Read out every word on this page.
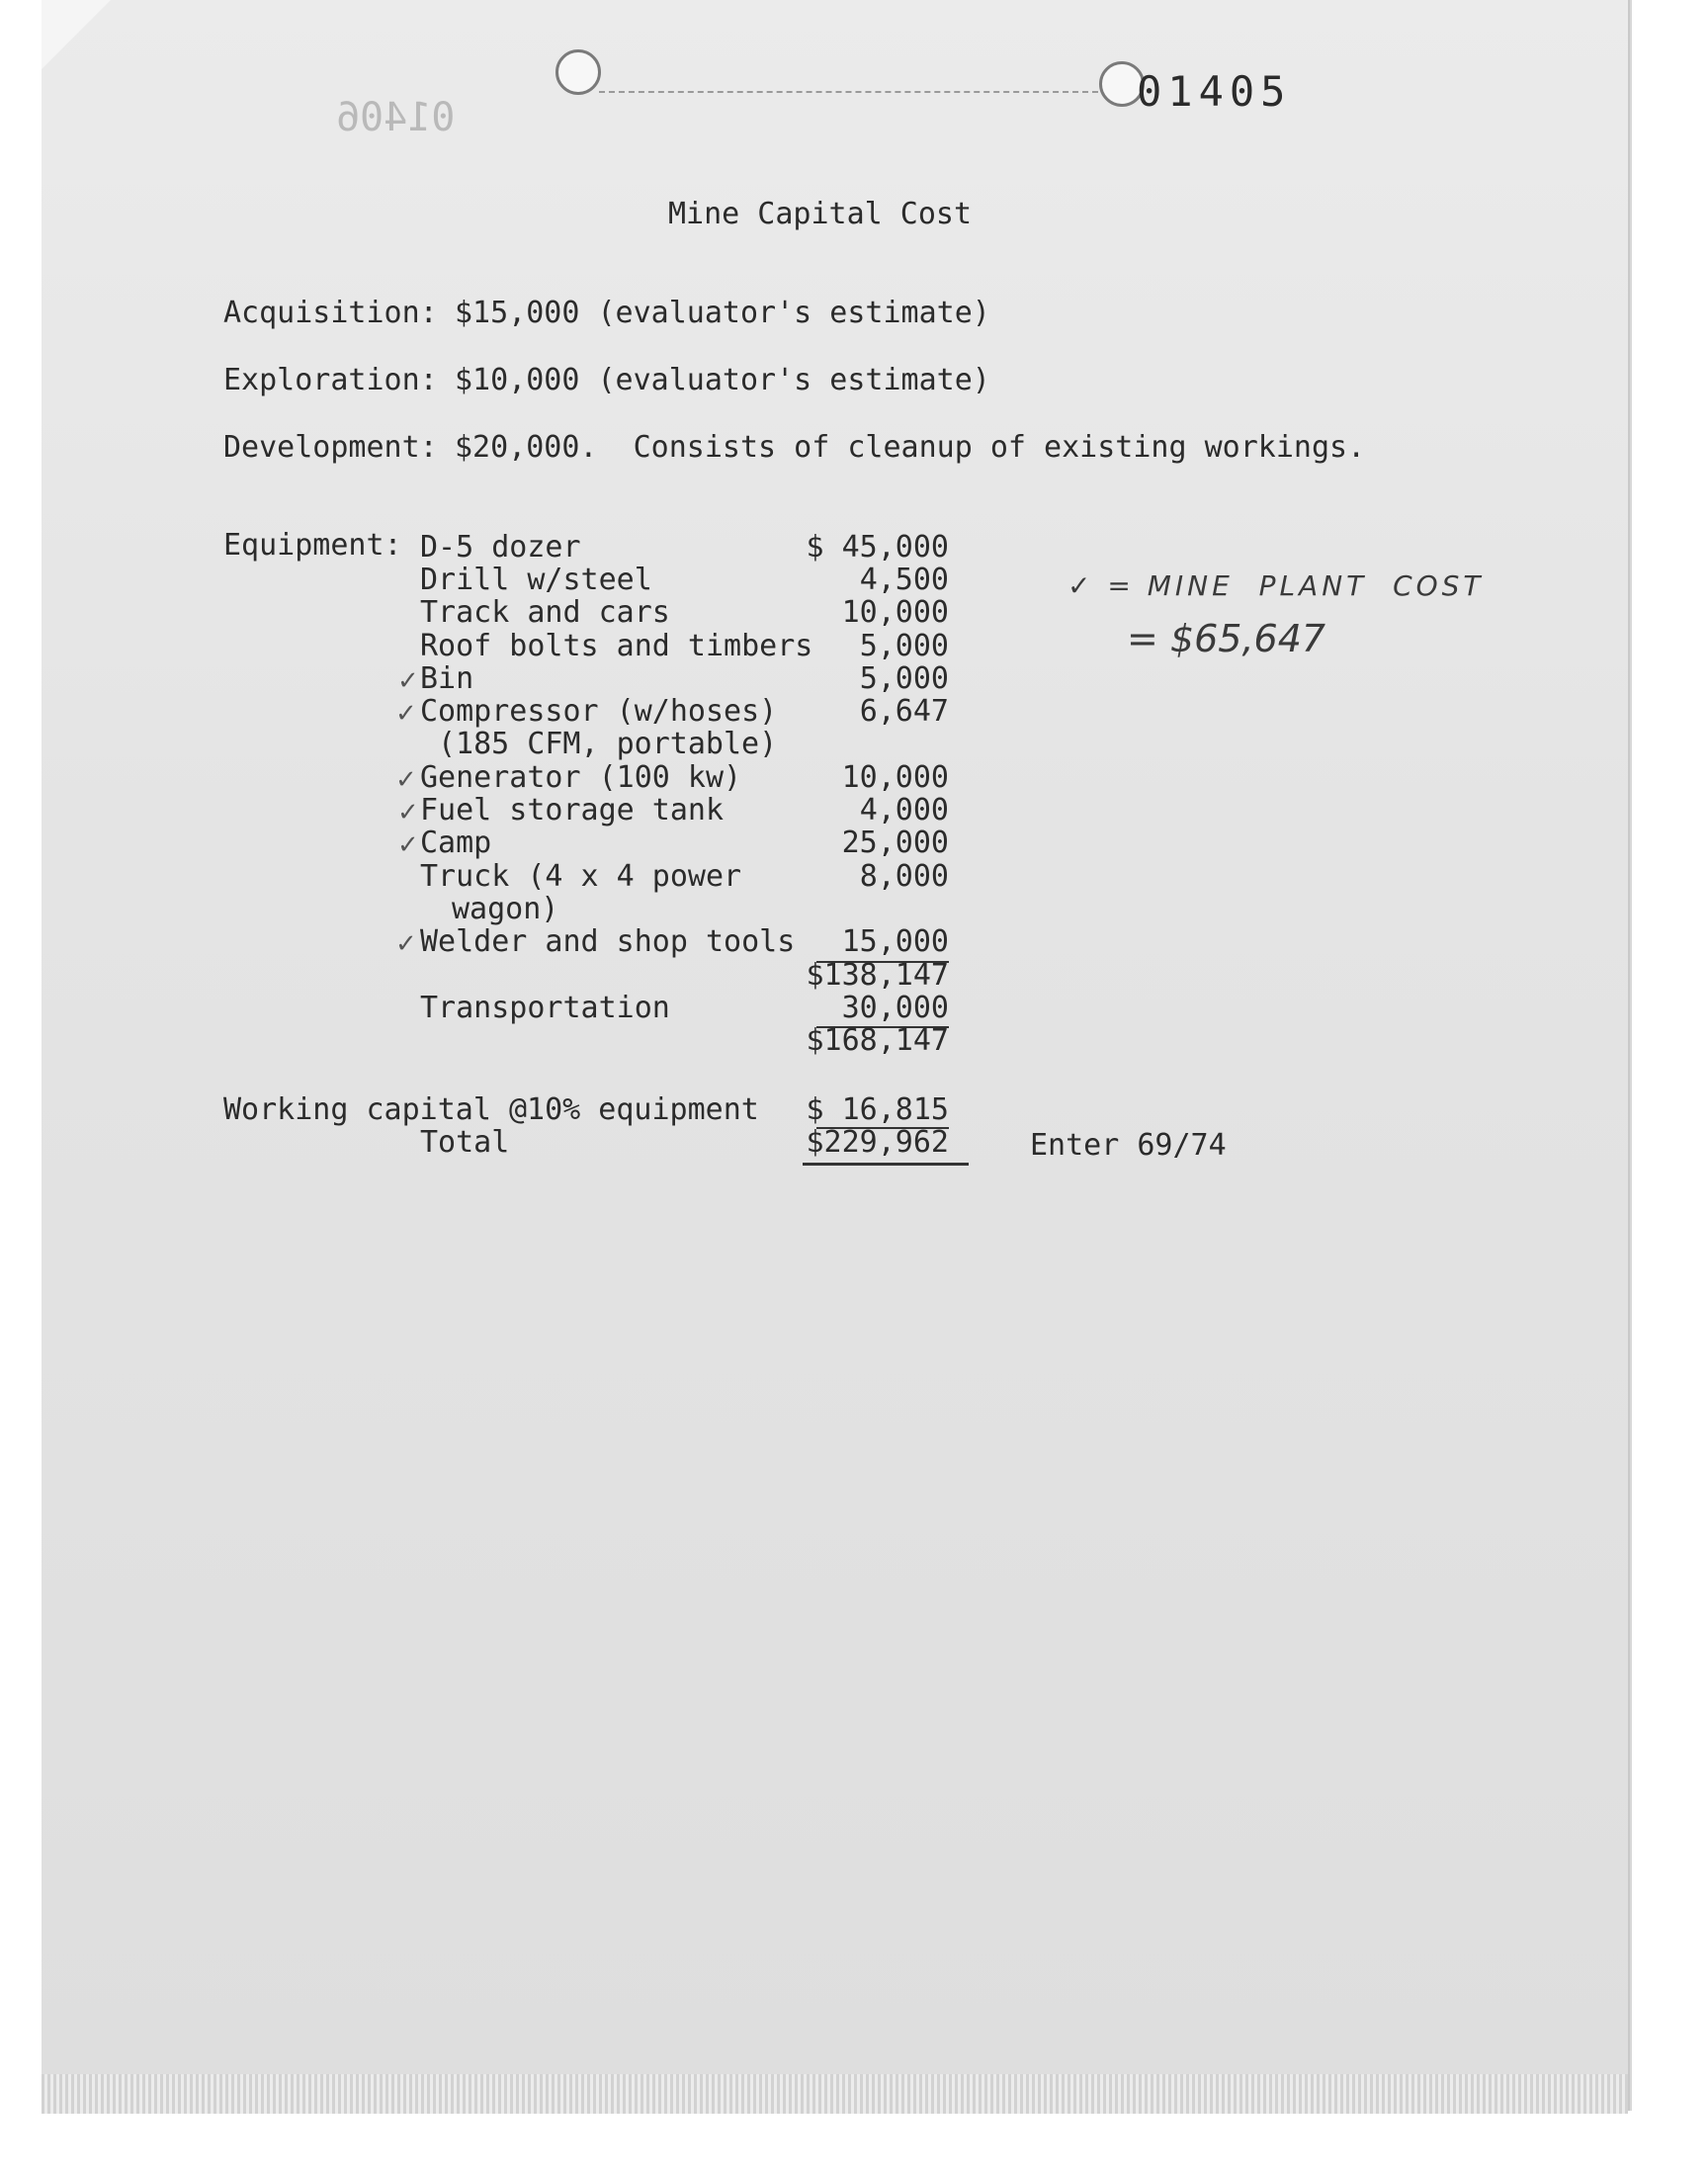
01406
01405
Mine Capital Cost
Acquisition: $15,000 (evaluator's estimate)
Exploration: $10,000 (evaluator's estimate)
Development: $20,000.  Consists of cleanup of existing workings.
Equipment: D-5 dozer	$ 45,000
Drill w/steel	4,500
Track and cars	10,000
Roof bolts and timbers	5,000
✓ Bin	5,000
✓ Compressor (w/hoses)	6,647
(185 CFM, portable)
✓ Generator (100 kw)	10,000
✓ Fuel storage tank	4,000
✓ Camp	25,000
Truck (4 x 4 power	8,000
wagon)
✓ Welder and shop tools	15,000
$138,147
Transportation	30,000
$168,147
Working capital @10% equipment	$ 16,815
Total	$229,962	Enter 69/74
✓ = MINE  PLANT  COST
= $65,647
